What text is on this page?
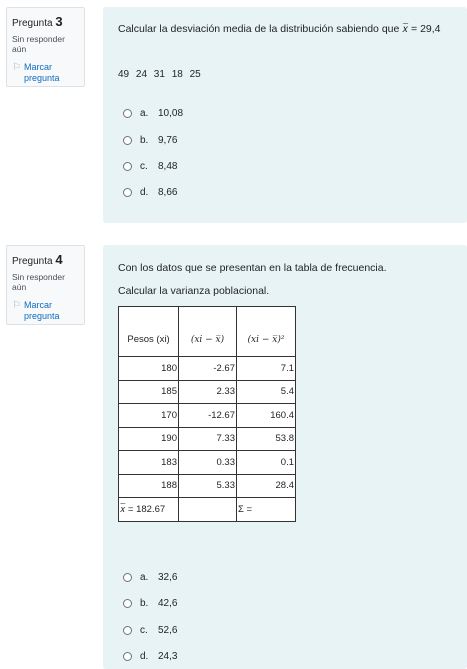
Pregunta 3
Sin responder aún
⚐ Marcar pregunta
Calcular la desviación media de la distribución sabiendo que 𝑥̅ = 29,4
49 24 31 18 25
a. 10,08
b. 9,76
c.	8,48
d. 8,66
Pregunta 4
Sin responder aún
⚐ Marcar pregunta
Con los datos que se presentan en la tabla de frecuencia.
Calcular la varianza poblacional.
Pesos (xi)	(xi − 𝑥̅)	(xi − 𝑥̅)²
180	-2.67	7.1
185	2.33	5.4
170	-12.67	160.4
190	7.33	53.8
183	0.33	0.1
188	5.33	28.4
𝑥̅ = 182.67		Σ =
a. 32,6
b. 42,6
c.	52,6
d. 24,3
